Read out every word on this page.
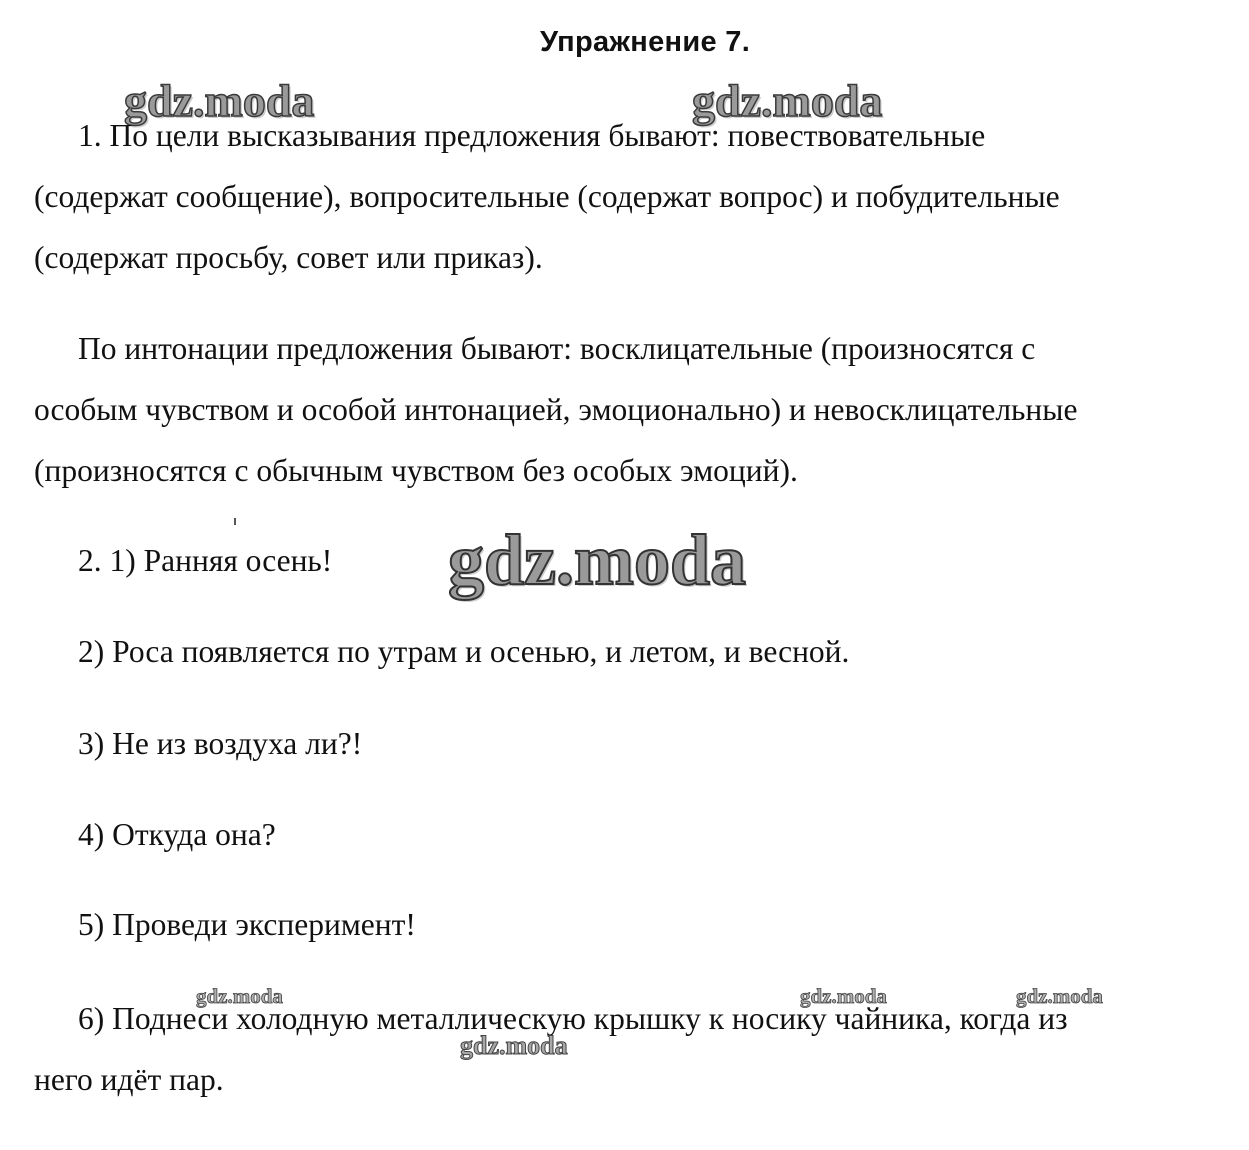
Упражнение 7.
gdz.moda	gdz.moda
1. По цели высказывания предложения бывают: повествовательные
(содержат сообщение), вопросительные (содержат вопрос) и побудительные
(содержат просьбу, совет или приказ).
По интонации предложения бывают: восклицательные (произносятся с
особым чувством и особой интонацией, эмоционально) и невосклицательные
(произносятся с обычным чувством без особых эмоций).
gdz.moda
2. 1) Ранняя осень!
2) Роса появляется по утрам и осенью, и летом, и весной.
3) Не из воздуха ли?!
4) Откуда она?
5) Проведи эксперимент!
gdz.moda	gdz.moda	gdz.moda
6) Поднеси холодную металлическую крышку к носику чайника, когда из
него идёт пар.
gdz.moda
